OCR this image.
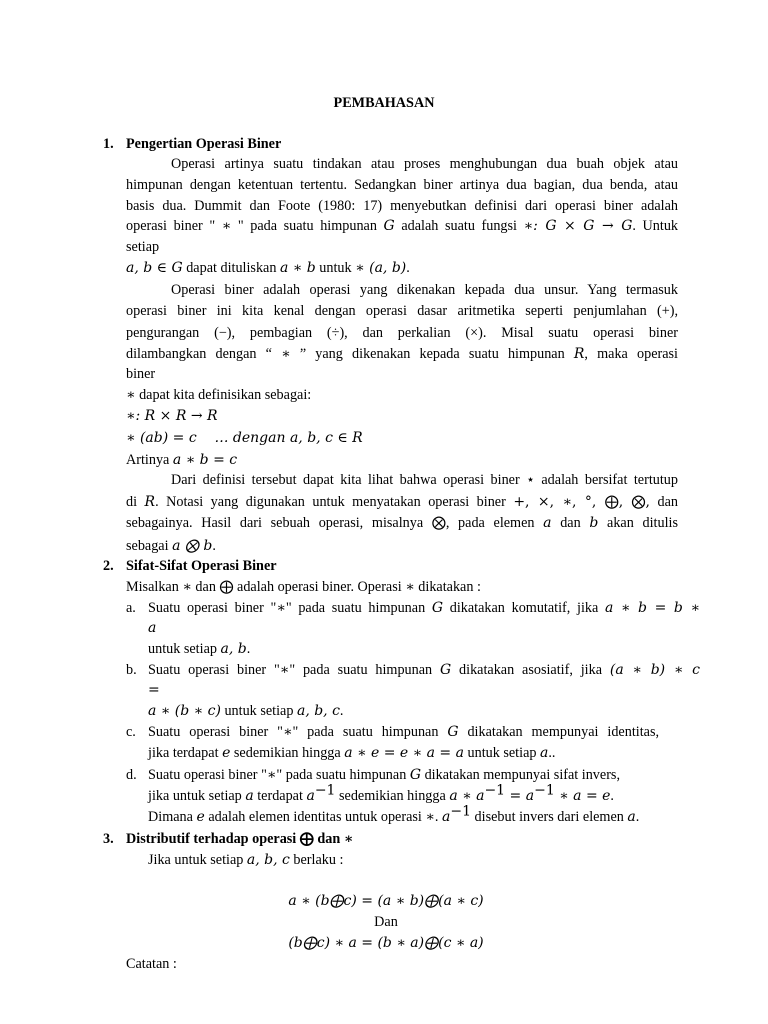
PEMBAHASAN
1. Pengertian Operasi Biner
Operasi artinya suatu tindakan atau proses menghubungan dua buah objek atau
himpunan dengan ketentuan tertentu. Sedangkan biner artinya dua bagian, dua benda, atau
basis dua. Dummit dan Foote (1980: 17) menyebutkan definisi dari operasi biner adalah
operasi biner " ∗ " pada suatu himpunan G adalah suatu fungsi ∗: G × G → G. Untuk
setiap
a, b ∈ G dapat dituliskan a ∗ b untuk ∗ (a, b).
Operasi biner adalah operasi yang dikenakan kepada dua unsur. Yang termasuk
operasi biner ini kita kenal dengan operasi dasar aritmetika seperti penjumlahan (+),
pengurangan (−), pembagian (÷), dan perkalian (×). Misal suatu operasi biner
dilambangkan dengan “ ∗ ” yang dikenakan kepada suatu himpunan R, maka operasi
biner
∗ dapat kita definisikan sebagai:
∗: R × R → R
∗ (ab) = c    … dengan a, b, c ∈ R
Artinya a ∗ b = c
Dari definisi tersebut dapat kita lihat bahwa operasi biner ⋆ adalah bersifat tertutup
di R. Notasi yang digunakan untuk menyatakan operasi biner +, ×, ∗, °, ⨁, ⨂, dan
sebagainya. Hasil dari sebuah operasi, misalnya ⨂, pada elemen a dan b akan ditulis
sebagai a ⨂ b.
2. Sifat-Sifat Operasi Biner
Misalkan ∗ dan ⨁ adalah operasi biner. Operasi ∗ dikatakan :
a. Suatu operasi biner "∗" pada suatu himpunan G dikatakan komutatif, jika a ∗ b = b ∗
a
untuk setiap a, b.
b. Suatu operasi biner "∗" pada suatu himpunan G dikatakan asosiatif, jika (a ∗ b) ∗ c
=
a ∗ (b ∗ c) untuk setiap a, b, c.
c. Suatu operasi biner "∗" pada suatu himpunan G dikatakan mempunyai identitas,
jika terdapat e sedemikian hingga a ∗ e = e ∗ a = a untuk setiap a..
d. Suatu operasi biner "∗" pada suatu himpunan G dikatakan mempunyai sifat invers,
jika untuk setiap a terdapat $a^{-1}$ sedemikian hingga a ∗ $a^{-1} = a^{-1}$ ∗ a = e.
Dimana e adalah elemen identitas untuk operasi ∗. $a^{-1}$ disebut invers dari elemen a.
3. Distributif terhadap operasi ⨁ dan ∗
Jika untuk setiap a, b, c berlaku :
a ∗ (b⨁c) = (a ∗ b)⨁(a ∗ c)
Dan
(b⨁c) ∗ a = (b ∗ a)⨁(c ∗ a)
Catatan :
